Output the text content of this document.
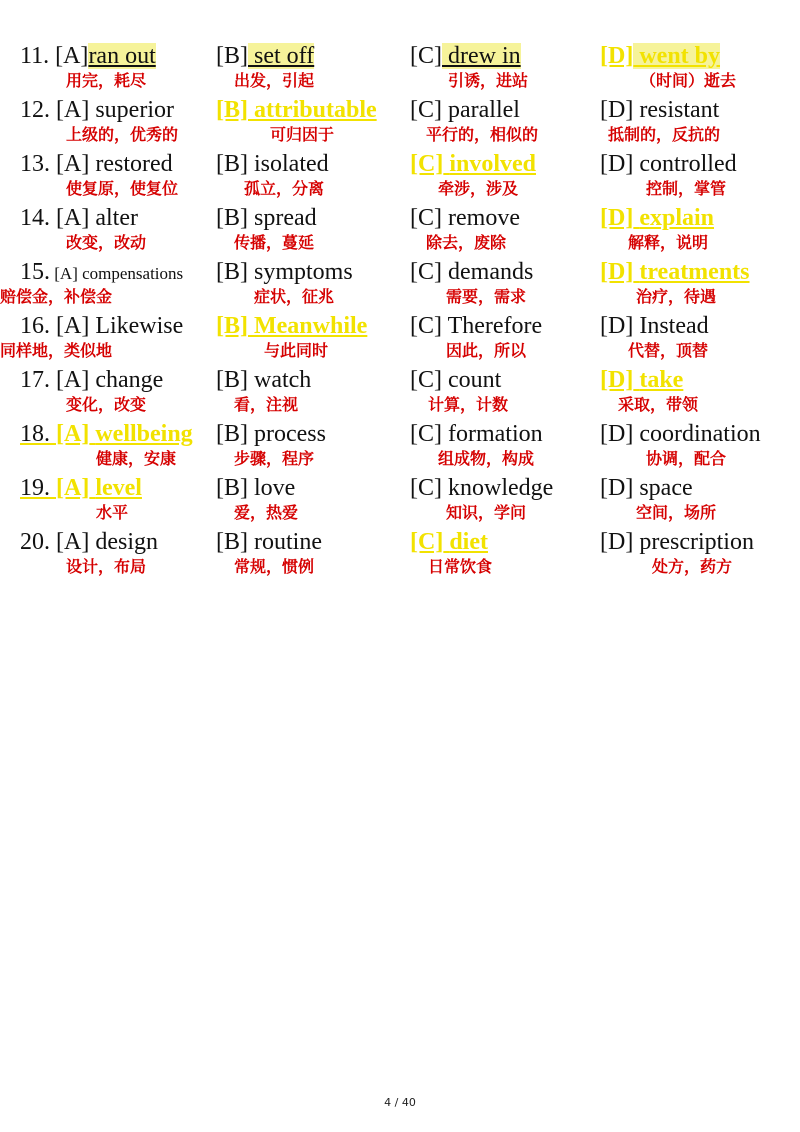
11. [A]ran out
用完，耗尽
[B] set off
出发，引起
[C] drew in
引诱，进站
[D] went by
（时间）逝去
12. [A] superior
上级的，优秀的
[B] attributable
可归因于
[C] parallel
平行的，相似的
[D] resistant
抵制的，反抗的
13. [A] restored
使复原，使复位
[B] isolated
孤立，分离
[C] involved
牵涉，涉及
[D] controlled
控制，掌管
14. [A] alter
改变，改动
[B] spread
传播，蔓延
[C] remove
除去，废除
[D] explain
解释，说明
15. [A] compensations
赔偿金，补偿金
[B] symptoms
症状，征兆
[C] demands
需要，需求
[D] treatments
治疗，待遇
16. [A] Likewise
同样地，类似地
[B] Meanwhile
与此同时
[C] Therefore
因此，所以
[D] Instead
代替，顶替
17. [A] change
变化，改变
[B] watch
看，注视
[C] count
计算，计数
[D] take
采取，带领
18. [A] wellbeing
健康，安康
[B] process
步骤，程序
[C] formation
组成物，构成
[D] coordination
协调，配合
19. [A] level
水平
[B] love
爱，热爱
[C] knowledge
知识，学问
[D] space
空间，场所
20. [A] design
设计，布局
[B] routine
常规，惯例
[C] diet
日常饮食
[D] prescription
处方，药方
4 / 40
